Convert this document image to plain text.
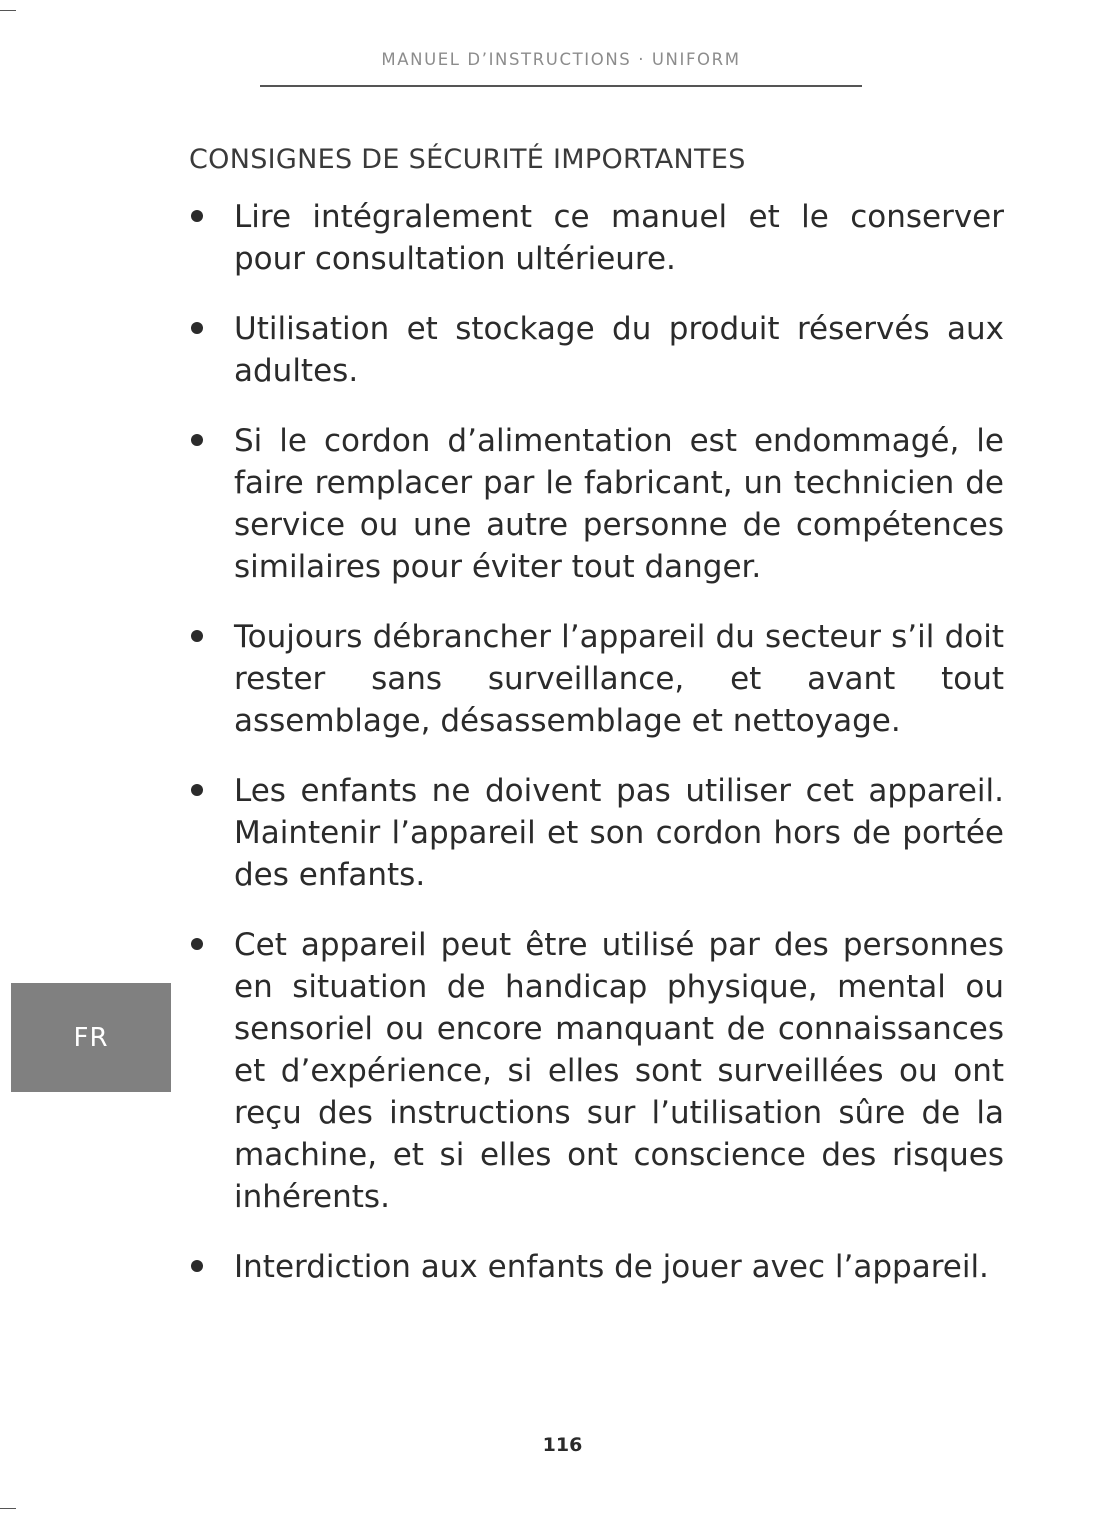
MANUEL D’INSTRUCTIONS · UNIFORM
CONSIGNES DE SÉCURITÉ IMPORTANTES
Lire intégralement ce manuel et le conserver pour consultation ultérieure.
Utilisation et stockage du produit réservés aux adultes.
Si le cordon d’alimentation est endommagé, le faire remplacer par le fabricant, un technicien de service ou une autre personne de compétences similaires pour éviter tout danger.
Toujours débrancher l’appareil du secteur s’il doit rester sans surveillance, et avant tout assemblage, désassemblage et nettoyage.
Les enfants ne doivent pas utiliser cet appareil. Maintenir l’appareil et son cordon hors de portée des enfants.
Cet appareil peut être utilisé par des personnes en situation de handicap physique, mental ou sensoriel ou encore manquant de connaissances et d’expérience, si elles sont surveillées ou ont reçu des instructions sur l’utilisation sûre de la machine, et si elles ont conscience des risques inhérents.
Interdiction aux enfants de jouer avec l’appareil.
FR
116
